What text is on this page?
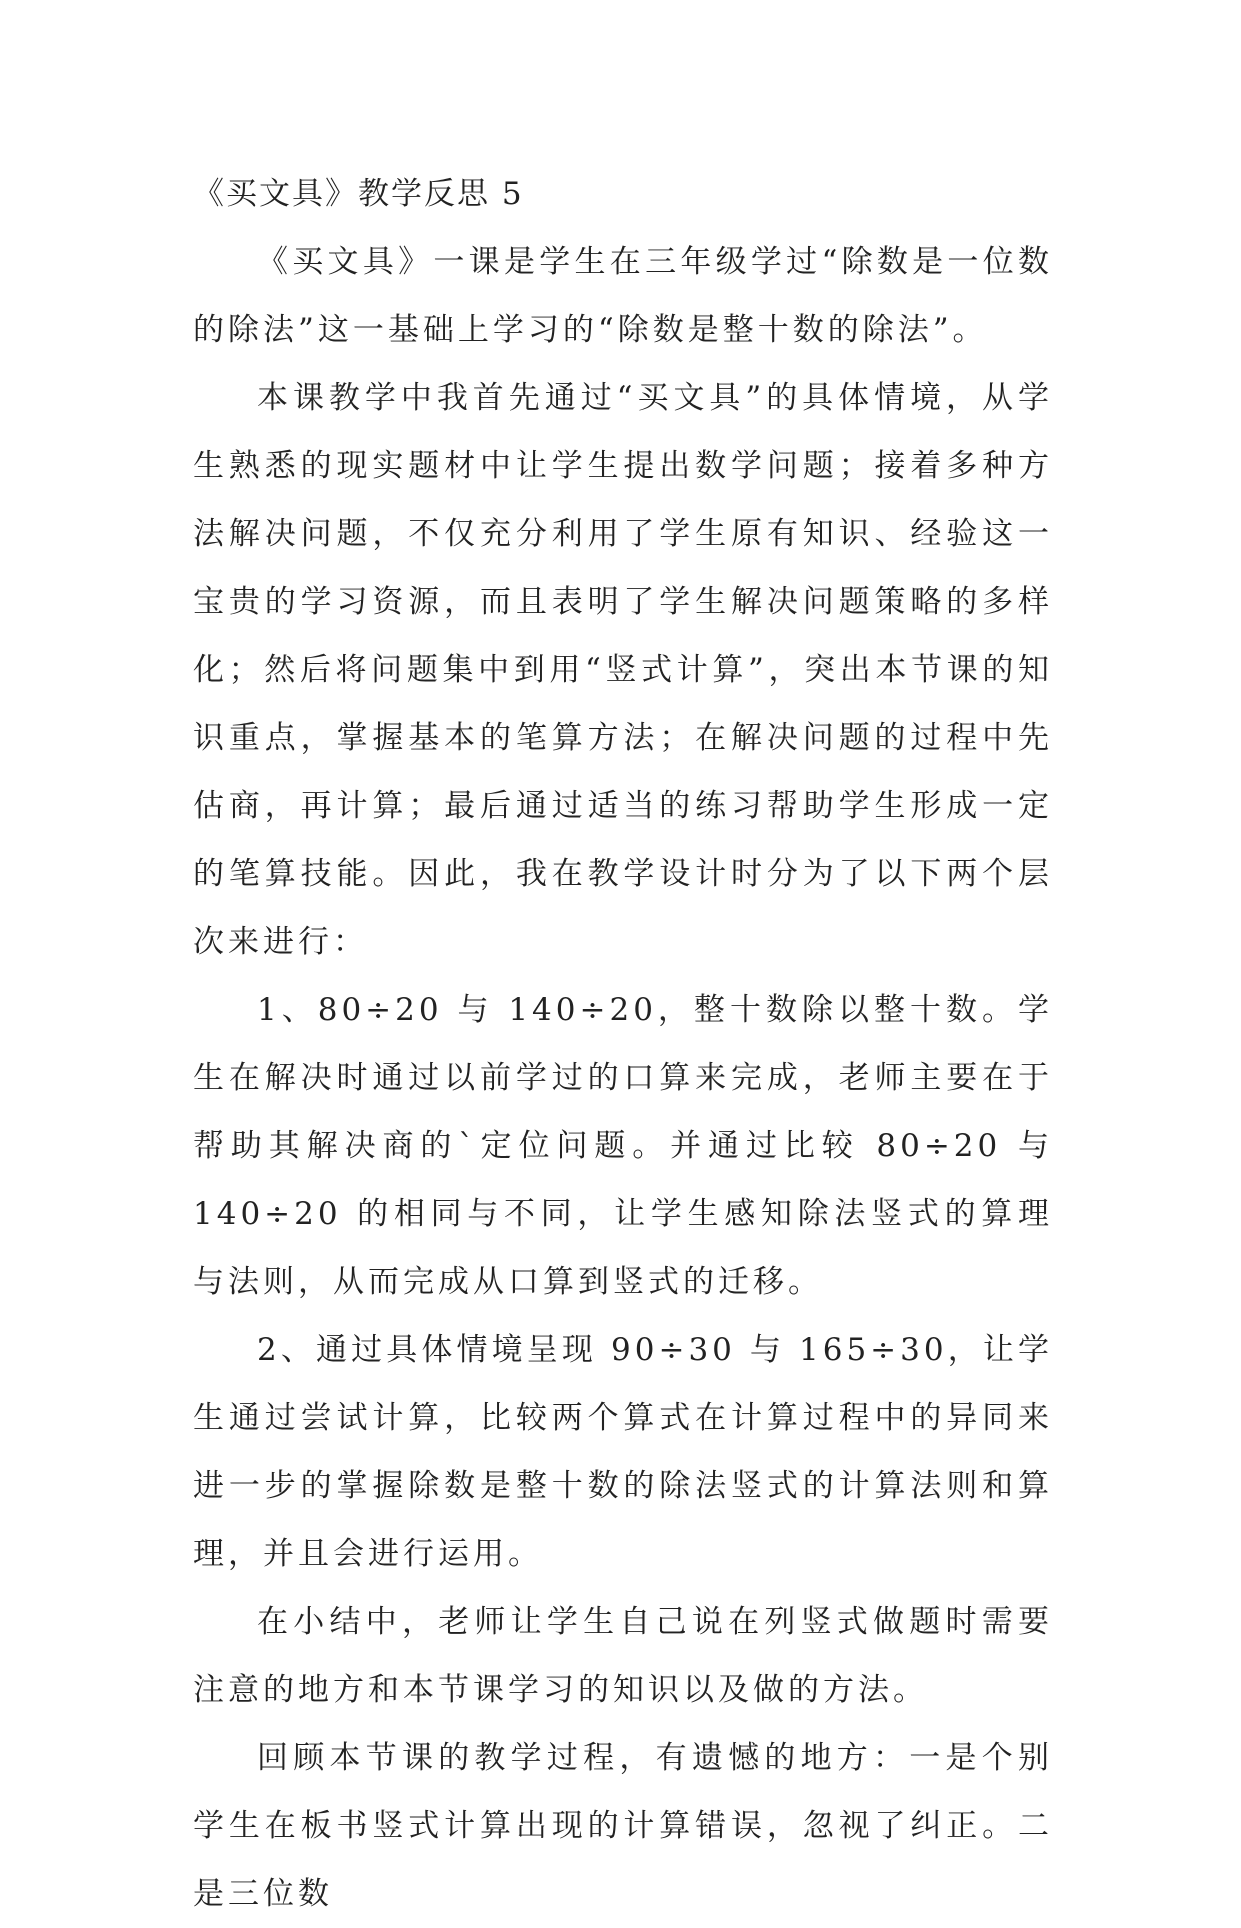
《买文具》教学反思 5

《买文具》一课是学生在三年级学过“除数是一位数的除法”这一基础上学习的“除数是整十数的除法”。

本课教学中我首先通过“买文具”的具体情境，从学生熟悉的现实题材中让学生提出数学问题；接着多种方法解决问题，不仅充分利用了学生原有知识、经验这一宝贵的学习资源，而且表明了学生解决问题策略的多样化；然后将问题集中到用“竖式计算”，突出本节课的知识重点，掌握基本的笔算方法；在解决问题的过程中先估商，再计算；最后通过适当的练习帮助学生形成一定的笔算技能。因此，我在教学设计时分为了以下两个层次来进行：

1、80÷20 与 140÷20，整十数除以整十数。学生在解决时通过以前学过的口算来完成，老师主要在于帮助其解决商的`定位问题。并通过比较 80÷20 与 140÷20 的相同与不同，让学生感知除法竖式的算理与法则，从而完成从口算到竖式的迁移。

2、通过具体情境呈现 90÷30 与 165÷30，让学生通过尝试计算，比较两个算式在计算过程中的异同来进一步的掌握除数是整十数的除法竖式的计算法则和算理，并且会进行运用。

在小结中，老师让学生自己说在列竖式做题时需要注意的地方和本节课学习的知识以及做的方法。

回顾本节课的教学过程，有遗憾的地方：一是个别学生在板书竖式计算出现的计算错误，忽视了纠正。二是三位数
